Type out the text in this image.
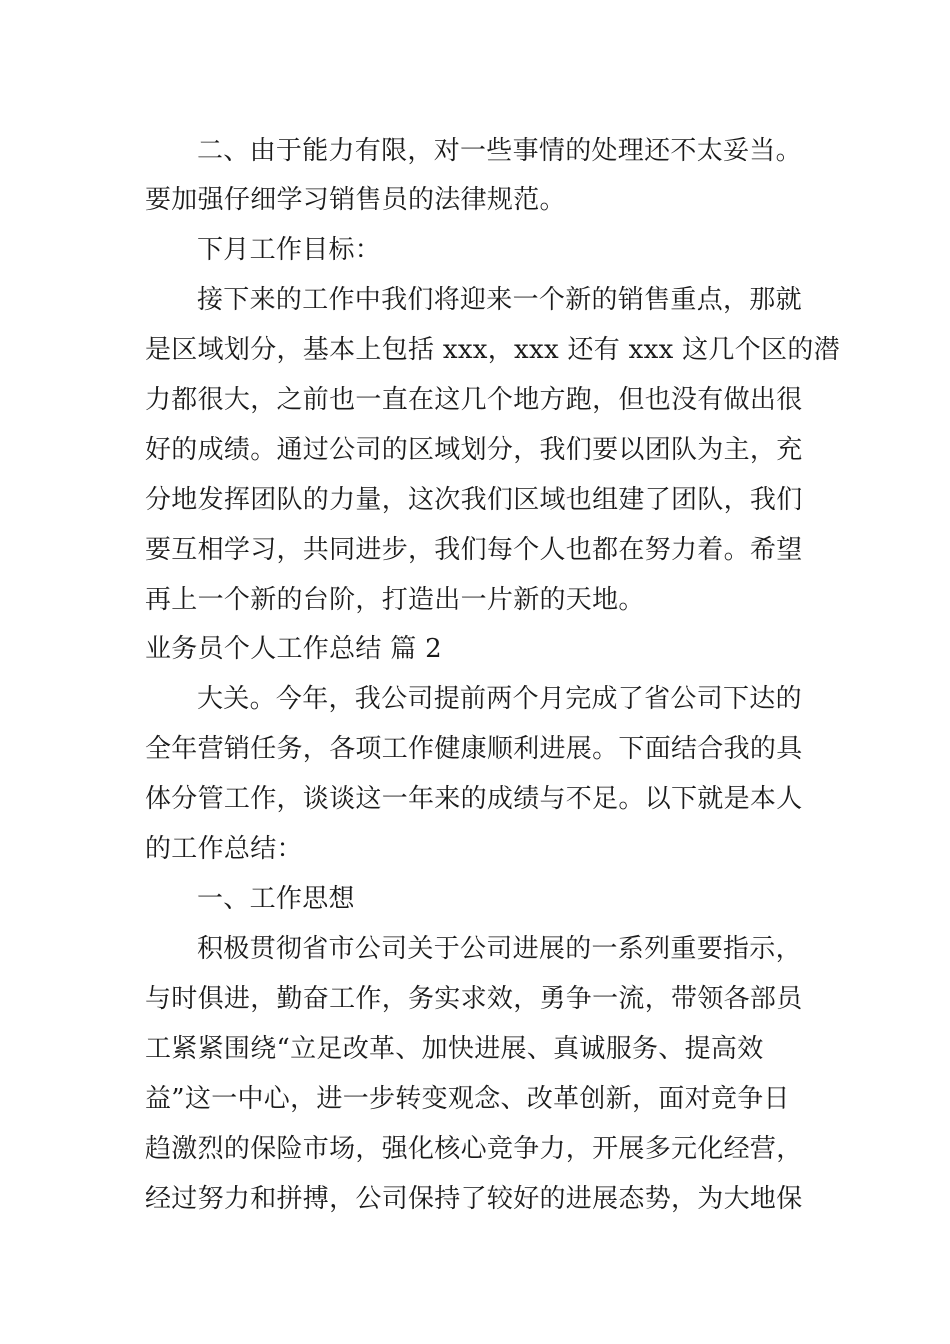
二、由于能力有限，对一些事情的处理还不太妥当。
要加强仔细学习销售员的法律规范。
下月工作目标：
接下来的工作中我们将迎来一个新的销售重点，那就
是区域划分，基本上包括 xxx，xxx 还有 xxx 这几个区的潜
力都很大，之前也一直在这几个地方跑，但也没有做出很
好的成绩。通过公司的区域划分，我们要以团队为主，充
分地发挥团队的力量，这次我们区域也组建了团队，我们
要互相学习，共同进步，我们每个人也都在努力着。希望
再上一个新的台阶，打造出一片新的天地。
业务员个人工作总结 篇 2
大关。今年，我公司提前两个月完成了省公司下达的
全年营销任务，各项工作健康顺利进展。下面结合我的具
体分管工作，谈谈这一年来的成绩与不足。以下就是本人
的工作总结：
一、工作思想
积极贯彻省市公司关于公司进展的一系列重要指示，
与时俱进，勤奋工作，务实求效，勇争一流，带领各部员
工紧紧围绕“立足改革、加快进展、真诚服务、提高效
益”这一中心，进一步转变观念、改革创新，面对竞争日
趋激烈的保险市场，强化核心竞争力，开展多元化经营，
经过努力和拼搏，公司保持了较好的进展态势，为大地保
